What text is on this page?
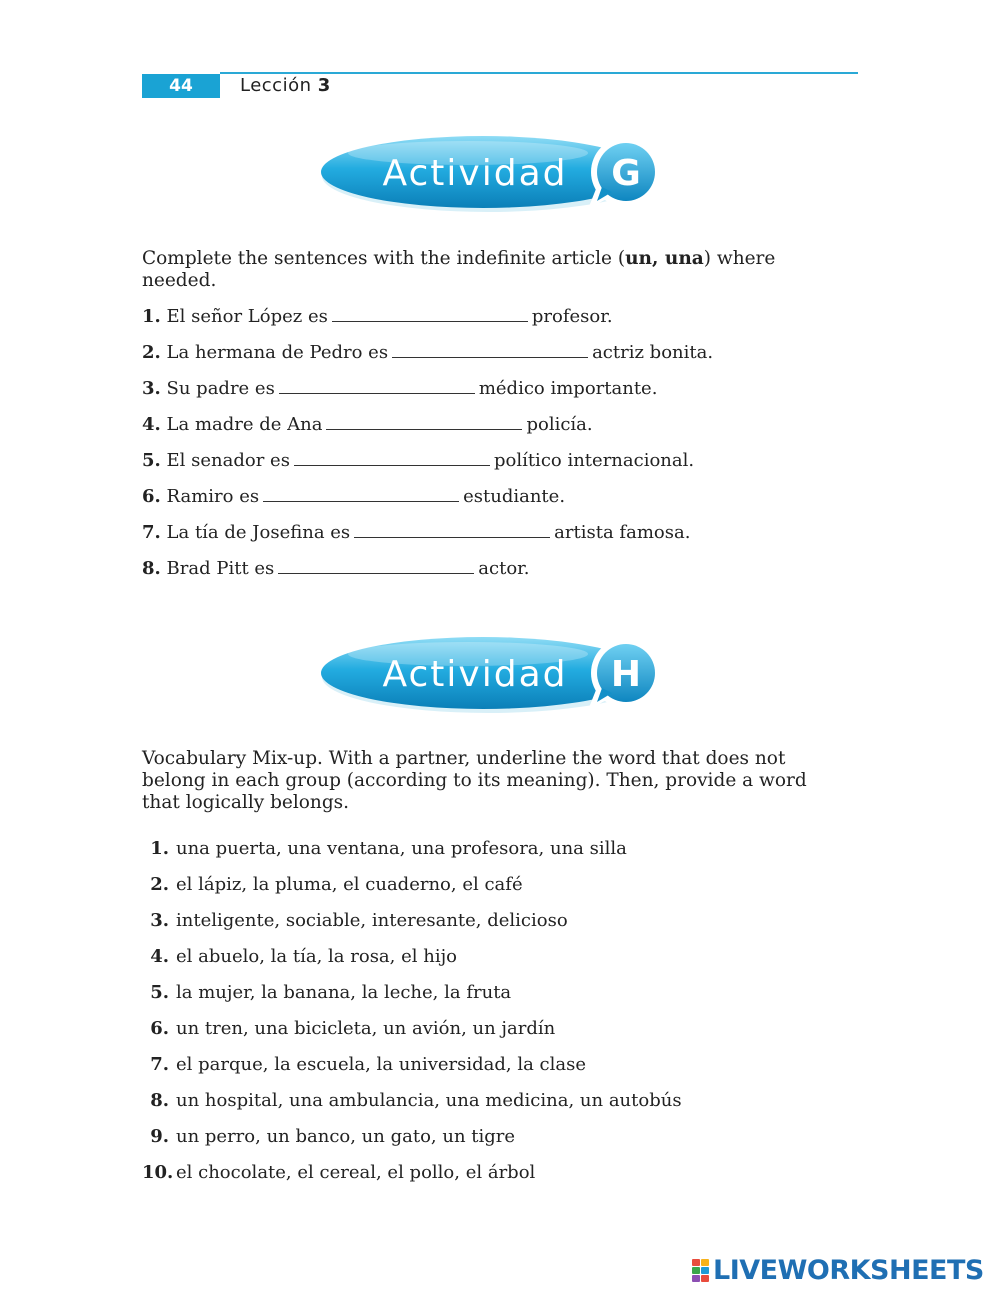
44	Lección 3
Actividad G

Complete the sentences with the indefinite article (un, una) where needed.

1. El señor López es	profesor.
2. La hermana de Pedro es	actriz bonita.
3. Su padre es	médico importante.
4. La madre de Ana	policía.
5. El senador es	político internacional.
6. Ramiro es	estudiante.
7. La tía de Josefina es	artista famosa.
8. Brad Pitt es	actor.
Actividad H

Vocabulary Mix-up. With a partner, underline the word that does not belong in each group (according to its meaning). Then, provide a word that logically belongs.

1. una puerta, una ventana, una profesora, una silla
2. el lápiz, la pluma, el cuaderno, el café
3. inteligente, sociable, interesante, delicioso
4. el abuelo, la tía, la rosa, el hijo
5. la mujer, la banana, la leche, la fruta
6. un tren, una bicicleta, un avión, un jardín
7. el parque, la escuela, la universidad, la clase
8. un hospital, una ambulancia, una medicina, un autobús
9. un perro, un banco, un gato, un tigre
10. el chocolate, el cereal, el pollo, el árbol
LIVEWORKSHEETS
